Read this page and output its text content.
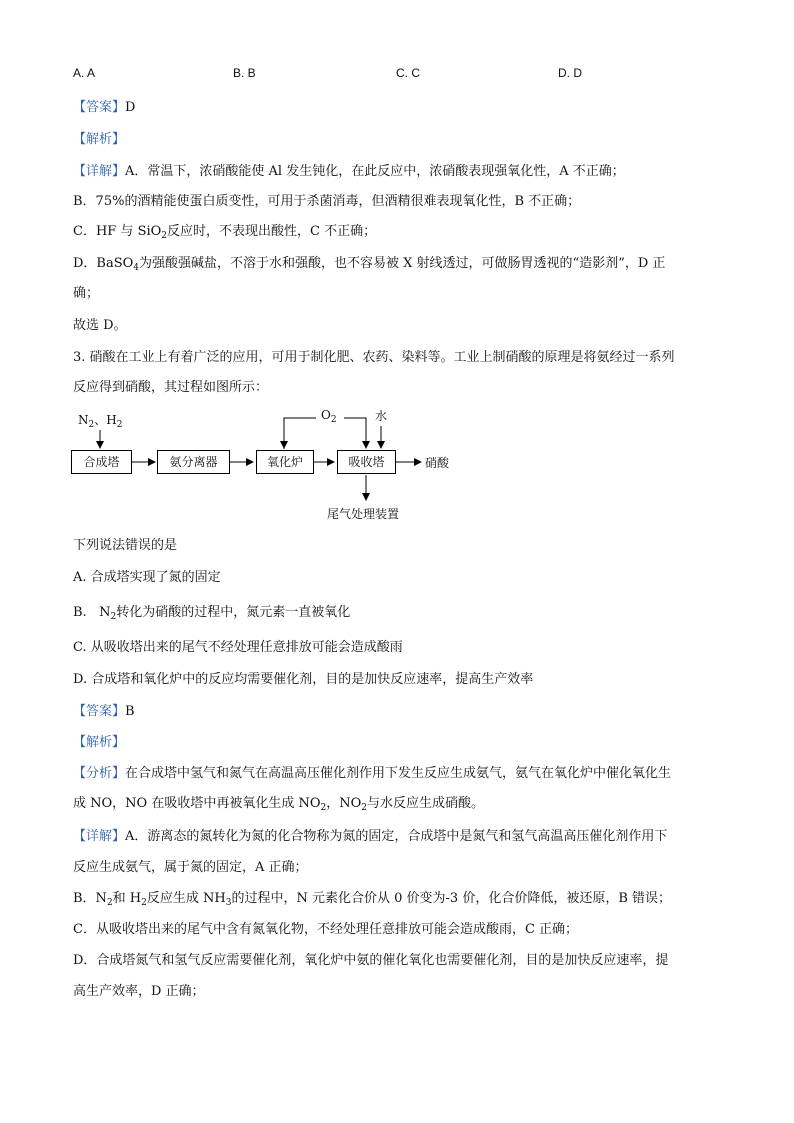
A. A	B. B	C. C	D. D
【答案】D
【解析】
【详解】A．常温下，浓硝酸能使 Al 发生钝化，在此反应中，浓硝酸表现强氧化性，A 不正确；
B．75%的酒精能使蛋白质变性，可用于杀菌消毒，但酒精很难表现氧化性，B 不正确；
C．HF 与 SiO$_2$反应时，不表现出酸性，C 不正确；
D．BaSO$_4$为强酸强碱盐，不溶于水和强酸，也不容易被 X 射线透过，可做肠胃透视的“造影剂”，D 正
确；
故选 D。
3. 硝酸在工业上有着广泛的应用，可用于制化肥、农药、染料等。工业上制硝酸的原理是将氨经过一系列
反应得到硝酸，其过程如图所示：
$N_2$、$H_2$
$O_2$	水
合成塔	氨分离器	氧化炉	吸收塔	硝酸
尾气处理装置
下列说法错误的是
A. 合成塔实现了氮的固定
B. $N_2$转化为硝酸的过程中，氮元素一直被氧化
C. 从吸收塔出来的尾气不经处理任意排放可能会造成酸雨
D. 合成塔和氧化炉中的反应均需要催化剂，目的是加快反应速率，提高生产效率
【答案】B
【解析】
【分析】在合成塔中氢气和氮气在高温高压催化剂作用下发生反应生成氨气，氨气在氧化炉中催化氧化生
成 NO，NO 在吸收塔中再被氧化生成 $NO_2$，$NO_2$与水反应生成硝酸。
【详解】A．游离态的氮转化为氮的化合物称为氮的固定，合成塔中是氮气和氢气高温高压催化剂作用下
反应生成氨气，属于氮的固定，A 正确；
B．$N_2$和 $H_2$反应生成 $NH_3$的过程中，N 元素化合价从 0 价变为-3 价，化合价降低，被还原，B 错误；
C．从吸收塔出来的尾气中含有氮氧化物，不经处理任意排放可能会造成酸雨，C 正确；
D．合成塔氮气和氢气反应需要催化剂，氧化炉中氨的催化氧化也需要催化剂，目的是加快反应速率，提
高生产效率，D 正确；
